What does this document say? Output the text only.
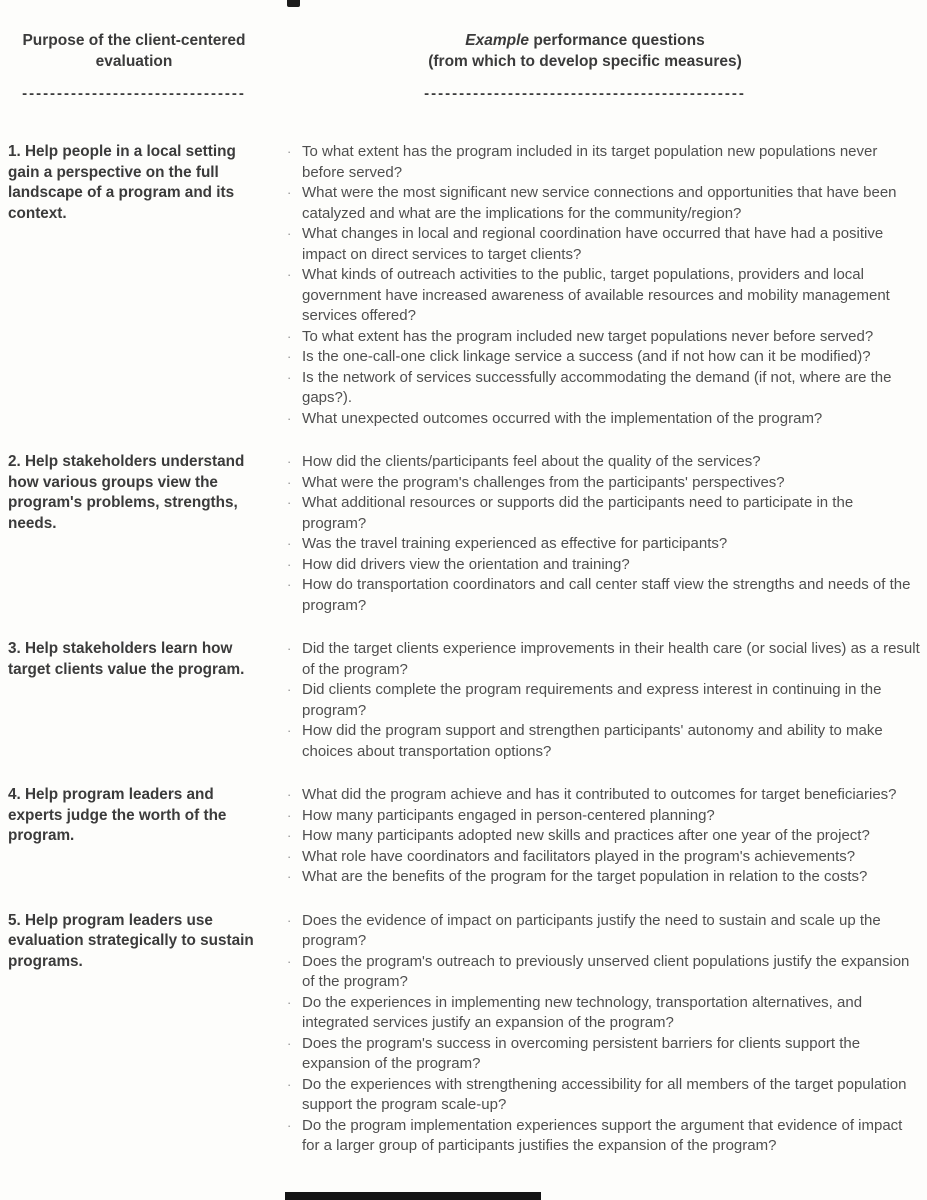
Purpose of the client-centered evaluation
--------------------------------
Example performance questions
(from which to develop specific measures)
----------------------------------------------
1. Help people in a local setting gain a perspective on the full landscape of a program and its context.
· To what extent has the program included in its target population new populations never before served?
· What were the most significant new service connections and opportunities that have been catalyzed and what are the implications for the community/region?
· What changes in local and regional coordination have occurred that have had a positive impact on direct services to target clients?
· What kinds of outreach activities to the public, target populations, providers and local government have increased awareness of available resources and mobility management services offered?
· To what extent has the program included new target populations never before served?
· Is the one-call-one click linkage service a success (and if not how can it be modified)?
· Is the network of services successfully accommodating the demand (if not, where are the gaps?).
· What unexpected outcomes occurred with the implementation of the program?
2. Help stakeholders understand how various groups view the program's problems, strengths, needs.
· How did the clients/participants feel about the quality of the services?
· What were the program's challenges from the participants' perspectives?
· What additional resources or supports did the participants need to participate in the program?
· Was the travel training experienced as effective for participants?
· How did drivers view the orientation and training?
· How do transportation coordinators and call center staff view the strengths and needs of the program?
3. Help stakeholders learn how target clients value the program.
· Did the target clients experience improvements in their health care (or social lives) as a result of the program?
· Did clients complete the program requirements and express interest in continuing in the program?
· How did the program support and strengthen participants' autonomy and ability to make choices about transportation options?
4. Help program leaders and experts judge the worth of the program.
· What did the program achieve and has it contributed to outcomes for target beneficiaries?
· How many participants engaged in person-centered planning?
· How many participants adopted new skills and practices after one year of the project?
· What role have coordinators and facilitators played in the program's achievements?
· What are the benefits of the program for the target population in relation to the costs?
5. Help program leaders use evaluation strategically to sustain programs.
· Does the evidence of impact on participants justify the need to sustain and scale up the program?
· Does the program's outreach to previously unserved client populations justify the expansion of the program?
· Do the experiences in implementing new technology, transportation alternatives, and integrated services justify an expansion of the program?
· Does the program's success in overcoming persistent barriers for clients support the expansion of the program?
· Do the experiences with strengthening accessibility for all members of the target population support the program scale-up?
· Do the program implementation experiences support the argument that evidence of impact for a larger group of participants justifies the expansion of the program?
